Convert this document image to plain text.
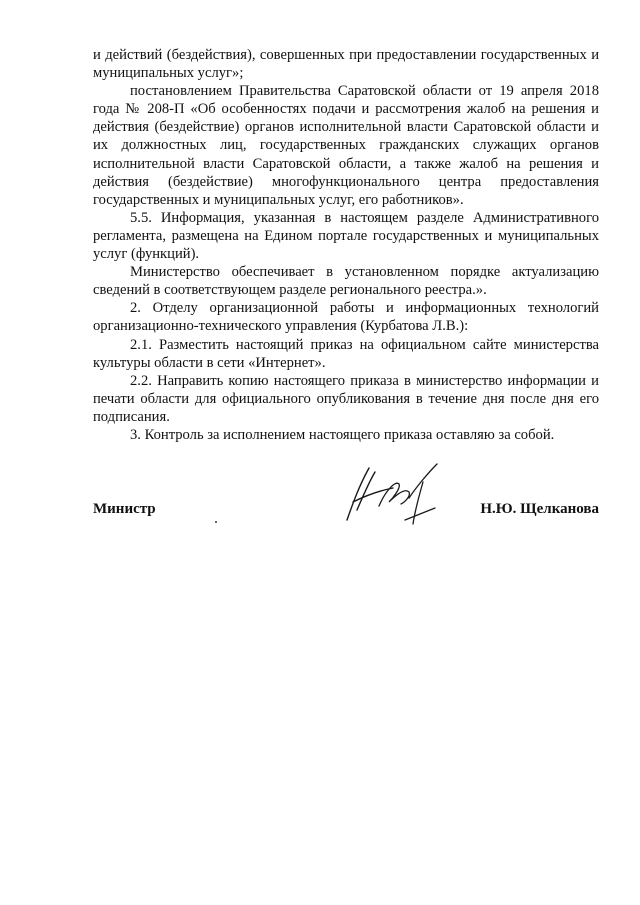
и действий (бездействия), совершенных при предоставлении государственных и муниципальных услуг»;

постановлением Правительства Саратовской области от 19 апреля 2018 года № 208-П «Об особенностях подачи и рассмотрения жалоб на решения и действия (бездействие) органов исполнительной власти Саратовской области и их должностных лиц, государственных гражданских служащих органов исполнительной власти Саратовской области, а также жалоб на решения и действия (бездействие) многофункционального центра предоставления государственных и муниципальных услуг, его работников».

5.5. Информация, указанная в настоящем разделе Административного регламента, размещена на Едином портале государственных и муниципальных услуг (функций).

Министерство обеспечивает в установленном порядке актуализацию сведений в соответствующем разделе регионального реестра.».

2. Отделу организационной работы и информационных технологий организационно-технического управления (Курбатова Л.В.):

2.1. Разместить настоящий приказ на официальном сайте министерства культуры области в сети «Интернет».

2.2. Направить копию настоящего приказа в министерство информации и печати области для официального опубликования в течение дня после дня его подписания.

3. Контроль за исполнением настоящего приказа оставляю за собой.

Министр	Н.Ю. Щелканова
